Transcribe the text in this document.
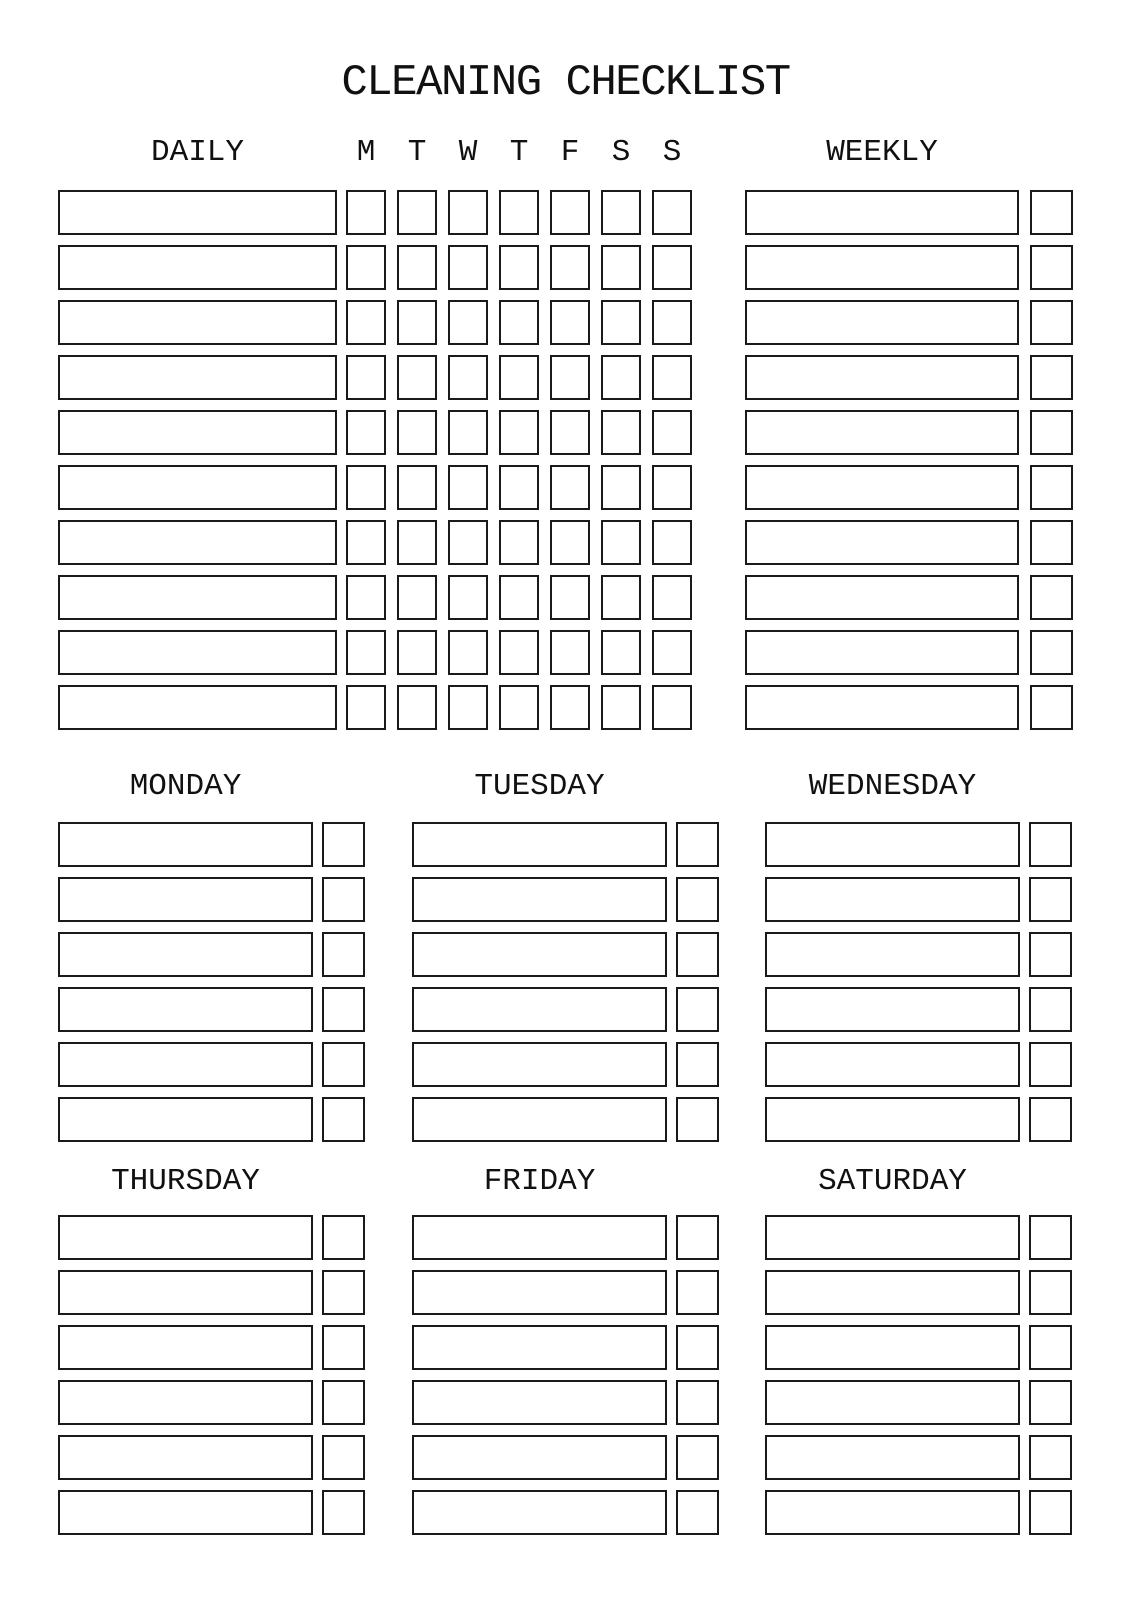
CLEANING CHECKLIST
DAILY	M	T	W	T	F	S	S	WEEKLY
MONDAY	TUESDAY	WEDNESDAY
THURSDAY	FRIDAY	SATURDAY
